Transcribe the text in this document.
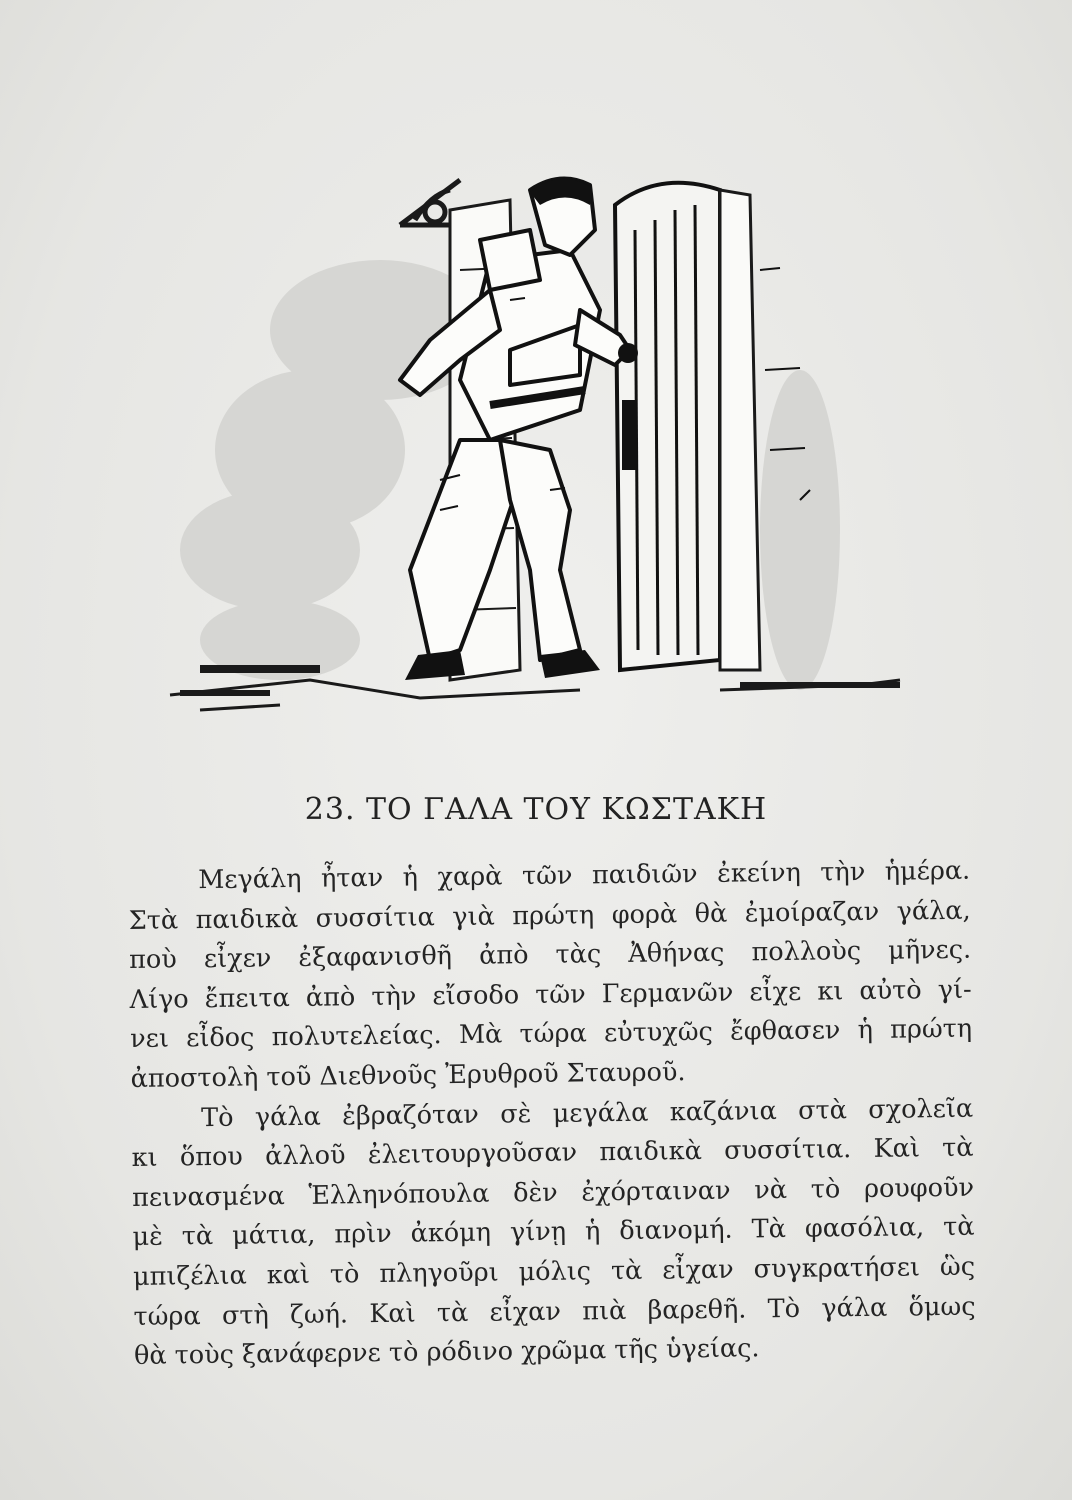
23. ΤΟ ΓΑΛΑ ΤΟΥ ΚΩΣΤΑΚΗ
Μεγάλη ἦταν ἡ χαρὰ τῶν παιδιῶν ἐκείνη τὴν ἡμέρα.
Στὰ παιδικὰ συσσίτια γιὰ πρώτη φορὰ θὰ ἐμοίραζαν γάλα,
ποὺ εἶχεν ἐξαφανισθῆ ἀπὸ τὰς Ἀθήνας πολλοὺς μῆνες.
Λίγο ἔπειτα ἀπὸ τὴν εἴσοδο τῶν Γερμανῶν εἶχε κι αὐτὸ γί-
νει εἶδος πολυτελείας. Μὰ τώρα εὐτυχῶς ἔφθασεν ἡ πρώτη
ἀποστολὴ τοῦ Διεθνοῦς Ἐρυθροῦ Σταυροῦ.
Τὸ γάλα ἐβραζόταν σὲ μεγάλα καζάνια στὰ σχολεῖα
κι ὅπου ἀλλοῦ ἐλειτουργοῦσαν παιδικὰ συσσίτια. Καὶ τὰ
πεινασμένα Ἑλληνόπουλα δὲν ἐχόρταιναν νὰ τὸ ρουφοῦν
μὲ τὰ μάτια, πρὶν ἀκόμη γίνῃ ἡ διανομή. Τὰ φασόλια, τὰ
μπιζέλια καὶ τὸ πληγοῦρι μόλις τὰ εἶχαν συγκρατήσει ὣς
τώρα στὴ ζωή. Καὶ τὰ εἶχαν πιὰ βαρεθῆ. Τὸ γάλα ὅμως
θὰ τοὺς ξανάφερνε τὸ ρόδινο χρῶμα τῆς ὑγείας.
